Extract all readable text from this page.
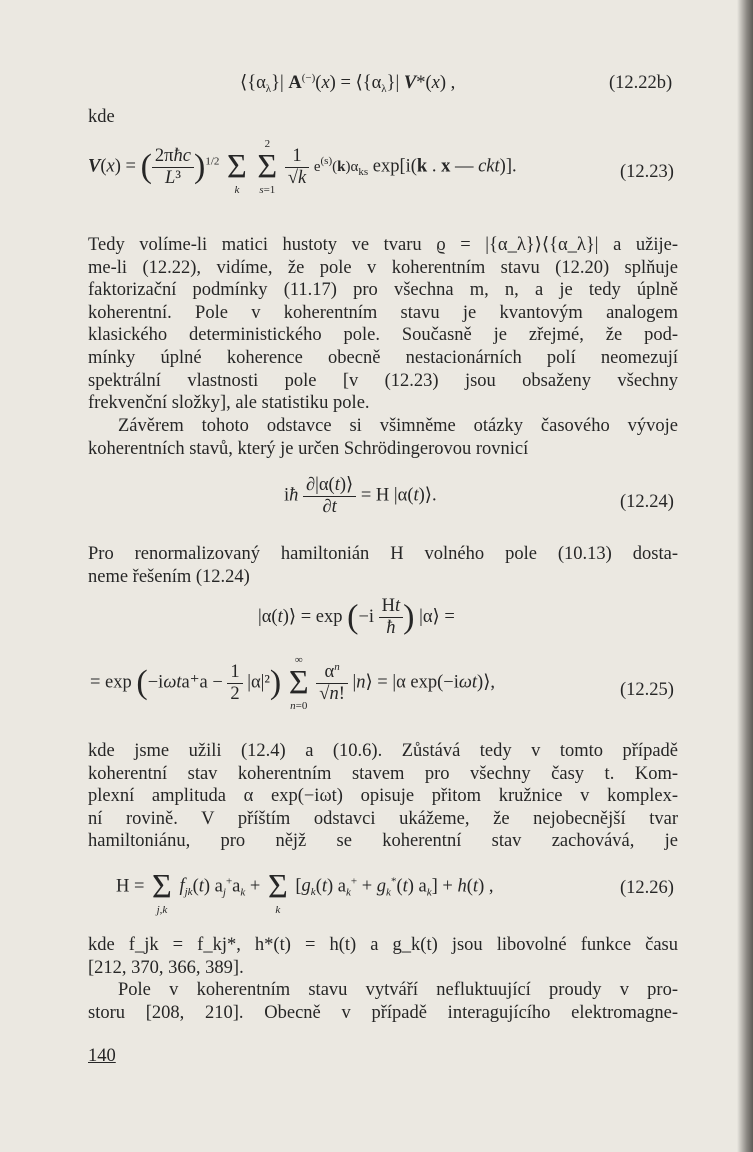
$⟨\{\alpha_\lambda\}|$ $A^{(-)}(x) = ⟨\{\alpha_\lambda\}|$ V*(x) ,	(12.22b)
kde
V(x) = ( $\frac{\text{2πħc}}{\text{L³}} )^{1/2}$ Σ
k

2
Σ
s=1

$\frac{1}{√k} e^{(s)}(k)\alpha_{ks}$ exp[i(k . x — ckt)].	(12.23)
Tedy volíme-li matici hustoty ve tvaru ϱ = |{α_λ}⟩⟨{α_λ}| a užije-
me-li (12.22), vidíme, že pole v koherentním stavu (12.20) splňuje
faktorizační podmínky (11.17) pro všechna m, n, a je tedy úplně
koherentní. Pole v koherentním stavu je kvantovým analogem
klasického deterministického pole. Současně je zřejmé, že pod-
mínky úplné koherence obecně nestacionárních polí neomezují
spektrální vlastnosti pole [v (12.23) jsou obsaženy všechny
frekvenční složky], ale statistiku pole.
Závěrem tohoto odstavce si všimněme otázky časového vývoje
koherentních stavů, který je určen Schrödingerovou rovnicí
iħ $\frac{\partial|\alpha(t)⟩}{\partial t} = H$ |α(t)⟩.	(12.24)
Pro renormalizovaný hamiltonián H volného pole (10.13) dosta-
neme řešením (12.24)
|α(t)⟩ = $\exp (-i \frac{Ht}{ħ}$ ) |α⟩ =
= $\exp (-i\omega ta^+a - \frac{1}{2} |\alpha|^2)$
∞
Σ
n=0

$\frac{\alpha^n}{√n!}$ |n⟩ = |α exp(−iωt)⟩,	(12.25)
kde jsme užili (12.4) a (10.6). Zůstává tedy v tomto případě
koherentní stav koherentním stavem pro všechny časy t. Kom-
plexní amplituda α exp(−iωt) opisuje přitom kružnice v komplex-
ní rovině. V příštím odstavci ukážeme, že nejobecnější tvar
hamiltoniánu, pro nějž se koherentní stav zachovává, je
H = Σ
j,k
$f_{jk}(t) a_j^+a_k + \Sigma$
k
$[g_k(t) a_k^+ + g_k^*(t) a_k] + h(t)$ ,	(12.26)
kde f_jk = f_kj*, h*(t) = h(t) a g_k(t) jsou libovolné funkce času
[212, 370, 366, 389].
Pole v koherentním stavu vytváří nefluktuující proudy v pro-
storu [208, 210]. Obecně v případě interagujícího elektromagne-
140
